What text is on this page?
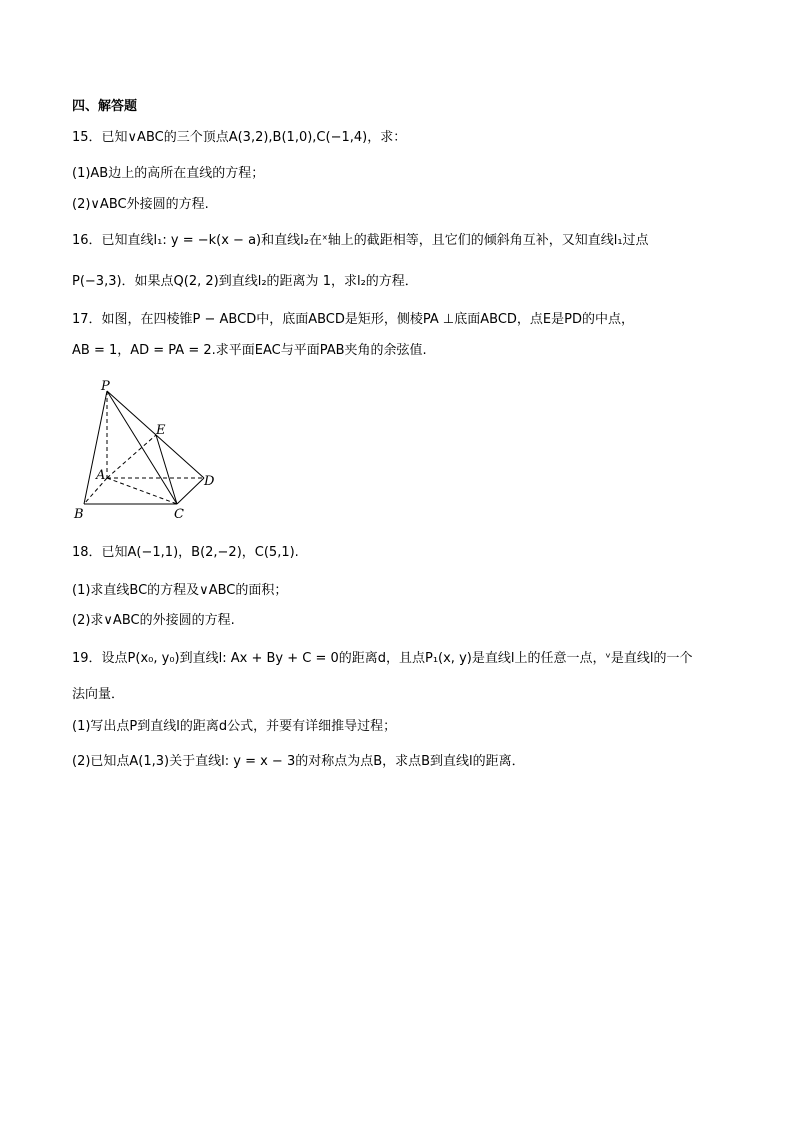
四、解答题
15．已知∨ABC的三个顶点A(3,2),B(1,0),C(−1,4)，求：
(1)AB边上的高所在直线的方程；
(2)∨ABC外接圆的方程.
16．已知直线l₁: y = −k(x − a)和直线l₂在ˣ轴上的截距相等，且它们的倾斜角互补，又知直线l₁过点
P(−3,3)．如果点Q(2, 2)到直线l₂的距离为 1，求l₂的方程．
17．如图，在四棱锥P − ABCD中，底面ABCD是矩形，侧棱PA ⊥底面ABCD，点E是PD的中点，
AB = 1，AD = PA = 2.求平面EAC与平面PAB夹角的余弦值.
P
E
A	D
B	C
18．已知A(−1,1)，B(2,−2)，C(5,1).
(1)求直线BC的方程及∨ABC的面积；
(2)求∨ABC的外接圆的方程.
19．设点P(x₀, y₀)到直线l: Ax + By + C = 0的距离d，且点P₁(x, y)是直线l上的任意一点，ᵛ是直线l的一个
法向量．
(1)写出点P到直线l的距离d公式，并要有详细推导过程；
(2)已知点A(1,3)关于直线l: y = x − 3的对称点为点B，求点B到直线l的距离．
